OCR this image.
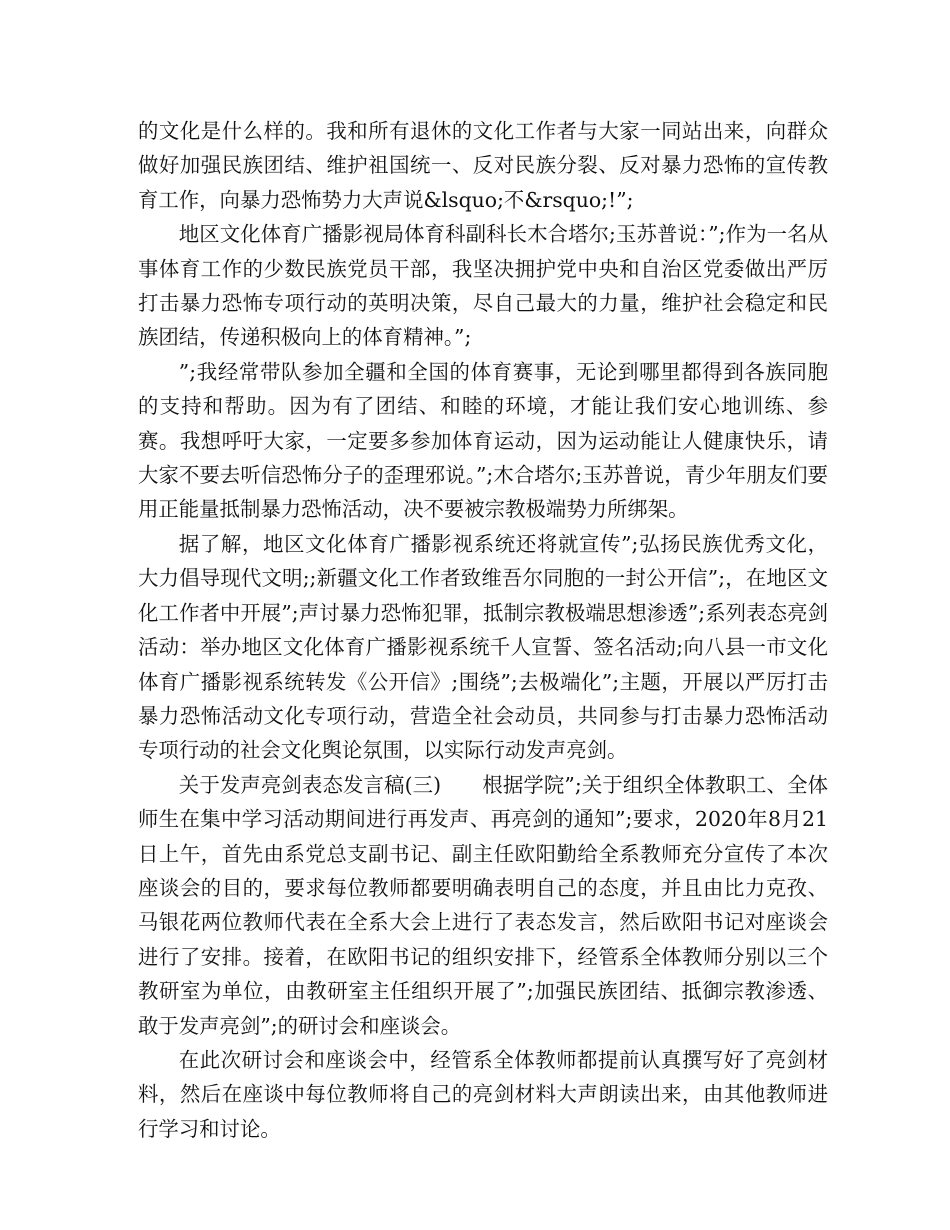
的文化是什么样的。我和所有退休的文化工作者与大家一同站出来，向群众做好加强民族团结、维护祖国统一、反对民族分裂、反对暴力恐怖的宣传教育工作，向暴力恐怖势力大声说&lsquo;不&rsquo;!”;

地区文化体育广播影视局体育科副科长木合塔尔;玉苏普说：”;作为一名从事体育工作的少数民族党员干部，我坚决拥护党中央和自治区党委做出严厉打击暴力恐怖专项行动的英明决策，尽自己最大的力量，维护社会稳定和民族团结，传递积极向上的体育精神。”;

”;我经常带队参加全疆和全国的体育赛事，无论到哪里都得到各族同胞的支持和帮助。因为有了团结、和睦的环境，才能让我们安心地训练、参赛。我想呼吁大家，一定要多参加体育运动，因为运动能让人健康快乐，请大家不要去听信恐怖分子的歪理邪说。”;木合塔尔;玉苏普说，青少年朋友们要用正能量抵制暴力恐怖活动，决不要被宗教极端势力所绑架。

据了解，地区文化体育广播影视系统还将就宣传”;弘扬民族优秀文化，大力倡导现代文明;;新疆文化工作者致维吾尔同胞的一封公开信”;，在地区文化工作者中开展”;声讨暴力恐怖犯罪，抵制宗教极端思想渗透”;系列表态亮剑活动：举办地区文化体育广播影视系统千人宣誓、签名活动;向八县一市文化体育广播影视系统转发《公开信》;围绕”;去极端化”;主题，开展以严厉打击暴力恐怖活动文化专项行动，营造全社会动员，共同参与打击暴力恐怖活动专项行动的社会文化舆论氛围，以实际行动发声亮剑。

关于发声亮剑表态发言稿(三)　　根据学院”;关于组织全体教职工、全体师生在集中学习活动期间进行再发声、再亮剑的通知”;要求，2020年8月21日上午，首先由系党总支副书记、副主任欧阳勤给全系教师充分宣传了本次座谈会的目的，要求每位教师都要明确表明自己的态度，并且由比力克孜、马银花两位教师代表在全系大会上进行了表态发言，然后欧阳书记对座谈会进行了安排。接着，在欧阳书记的组织安排下，经管系全体教师分别以三个教研室为单位，由教研室主任组织开展了”;加强民族团结、抵御宗教渗透、敢于发声亮剑”;的研讨会和座谈会。

在此次研讨会和座谈会中，经管系全体教师都提前认真撰写好了亮剑材料，然后在座谈中每位教师将自己的亮剑材料大声朗读出来，由其他教师进行学习和讨论。
